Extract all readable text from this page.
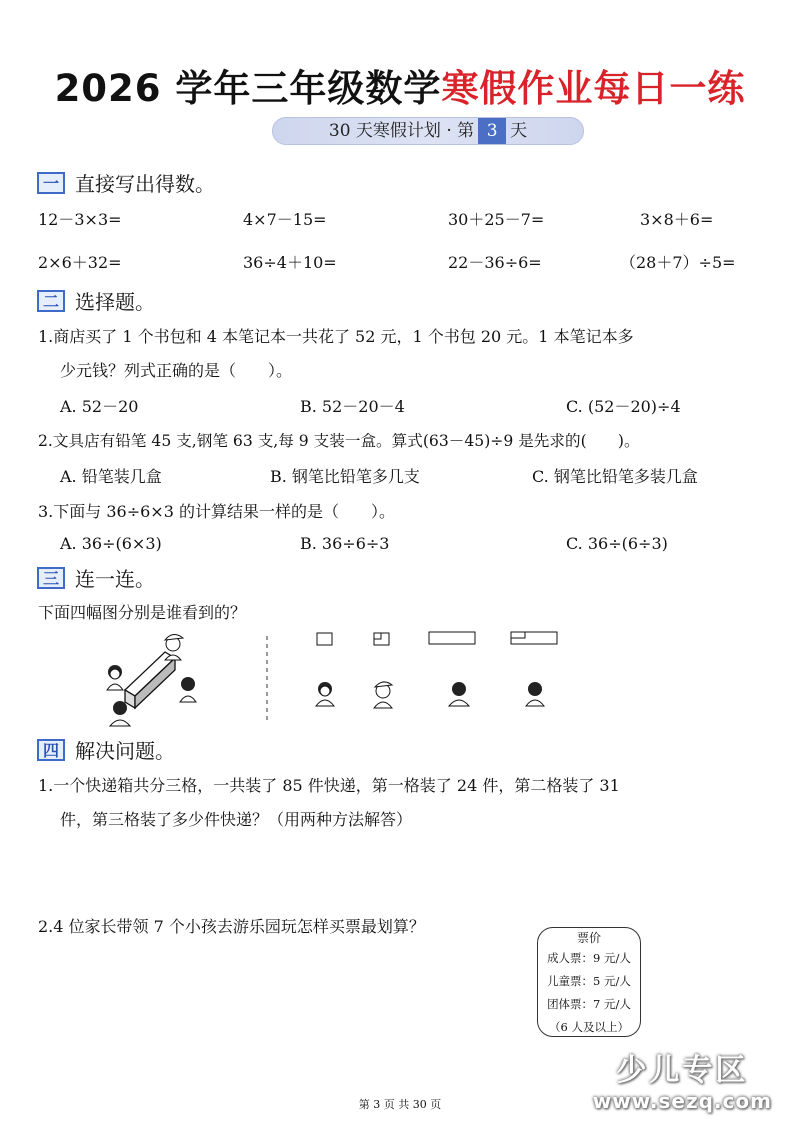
2026 学年三年级数学寒假作业每日一练
30 天寒假计划 · 第 3 天
一 直接写出得数。
12－3×3=	4×7－15=	30＋25－7=	3×8＋6=
2×6＋32=	36÷4＋10=	22－36÷6=	（28＋7）÷5=
二 选择题。
1.商店买了 1 个书包和 4 本笔记本一共花了 52 元，1 个书包 20 元。1 本笔记本多
少元钱？列式正确的是（　　）。
A. 52－20	B. 52－20－4	C. (52－20)÷4
2.文具店有铅笔 45 支,钢笔 63 支,每 9 支装一盒。算式(63－45)÷9 是先求的(　　)。
A. 铅笔装几盒	B. 钢笔比铅笔多几支	C. 钢笔比铅笔多装几盒
3.下面与 36÷6×3 的计算结果一样的是（　　）。
A. 36÷(6×3)	B. 36÷6÷3	C. 36÷(6÷3)
三 连一连。
下面四幅图分别是谁看到的？
四 解决问题。
1.一个快递箱共分三格，一共装了 85 件快递，第一格装了 24 件，第二格装了 31
件，第三格装了多少件快递？（用两种方法解答）
2.4 位家长带领 7 个小孩去游乐园玩怎样买票最划算？
票价
成人票：9 元/人
儿童票：5 元/人
团体票：7 元/人
（6 人及以上）
少儿专区
www.sezq.com
第 3 页 共 30 页
